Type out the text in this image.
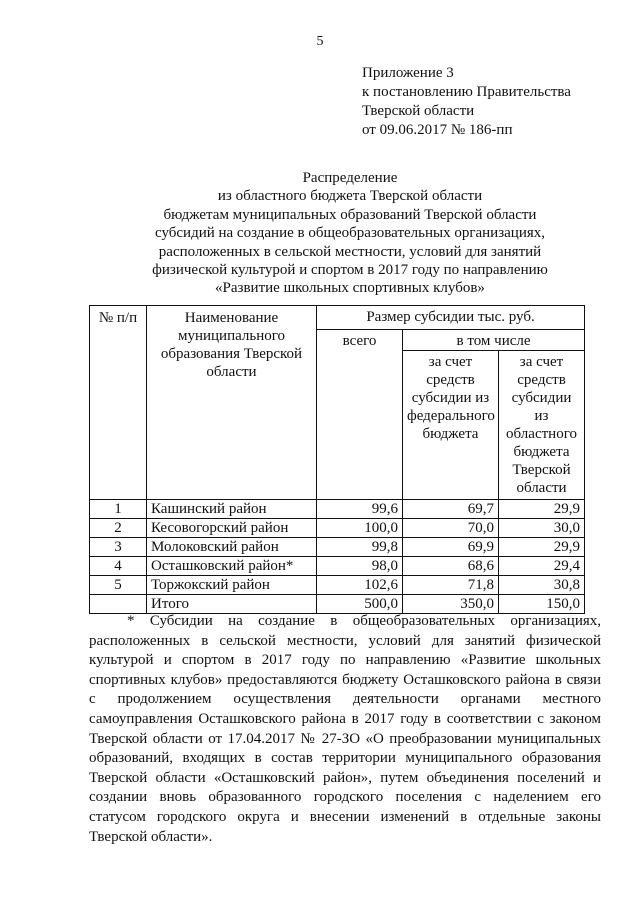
5
Приложение 3
к постановлению Правительства
Тверской области
от 09.06.2017 № 186-пп
Распределение
из областного бюджета Тверской области
бюджетам муниципальных образований Тверской области
субсидий на создание в общеобразовательных организациях,
расположенных в сельской местности, условий для занятий
физической культурой и спортом в 2017 году по направлению
«Развитие школьных спортивных клубов»
№ п/п	Наименование муниципального образования Тверской области	Размер субсидии тыс. руб.		
		всего	в том числе	
			за счет средств субсидии из федерального бюджета	за счет средств субсидии из областного бюджета Тверской области
1	Кашинский район	99,6	69,7	29,9
2	Кесовогорский район	100,0	70,0	30,0
3	Молоковский район	99,8	69,9	29,9
4	Осташковский район*	98,0	68,6	29,4
5	Торжокский район	102,6	71,8	30,8
	Итого	500,0	350,0	150,0
* Субсидии на создание в общеобразовательных организациях, расположенных в сельской местности, условий для занятий физической культурой и спортом в 2017 году по направлению «Развитие школьных спортивных клубов» предоставляются бюджету Осташковского района в связи с продолжением осуществления деятельности органами местного самоуправления Осташковского района в 2017 году в соответствии с законом Тверской области от 17.04.2017 № 27-ЗО «О преобразовании муниципальных образований, входящих в состав территории муниципального образования Тверской области «Осташковский район», путем объединения поселений и создании вновь образованного городского поселения с наделением его статусом городского округа и внесении изменений в отдельные законы Тверской области».
